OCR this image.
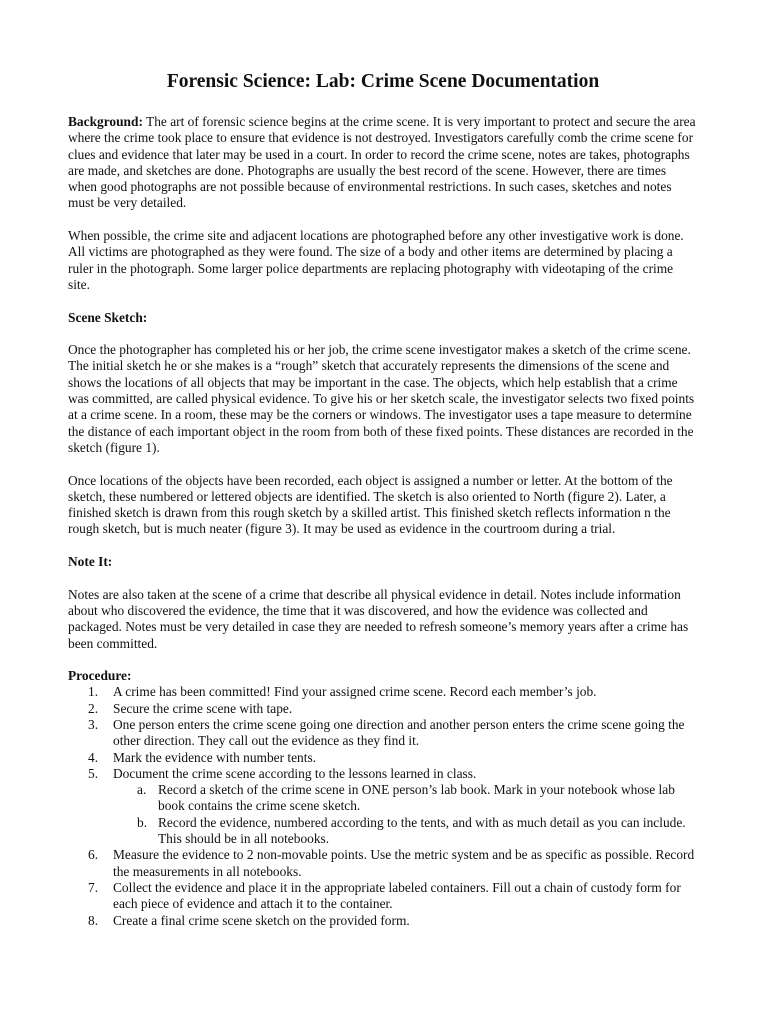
Forensic Science: Lab: Crime Scene Documentation

Background: The art of forensic science begins at the crime scene. It is very important to protect and secure the area where the crime took place to ensure that evidence is not destroyed. Investigators carefully comb the crime scene for clues and evidence that later may be used in a court. In order to record the crime scene, notes are takes, photographs are made, and sketches are done. Photographs are usually the best record of the scene. However, there are times when good photographs are not possible because of environmental restrictions. In such cases, sketches and notes must be very detailed.

When possible, the crime site and adjacent locations are photographed before any other investigative work is done. All victims are photographed as they were found. The size of a body and other items are determined by placing a ruler in the photograph. Some larger police departments are replacing photography with videotaping of the crime site.

Scene Sketch:

Once the photographer has completed his or her job, the crime scene investigator makes a sketch of the crime scene. The initial sketch he or she makes is a “rough” sketch that accurately represents the dimensions of the scene and shows the locations of all objects that may be important in the case. The objects, which help establish that a crime was committed, are called physical evidence. To give his or her sketch scale, the investigator selects two fixed points at a crime scene. In a room, these may be the corners or windows. The investigator uses a tape measure to determine the distance of each important object in the room from both of these fixed points. These distances are recorded in the sketch (figure 1).

Once locations of the objects have been recorded, each object is assigned a number or letter. At the bottom of the sketch, these numbered or lettered objects are identified. The sketch is also oriented to North (figure 2). Later, a finished sketch is drawn from this rough sketch by a skilled artist. This finished sketch reflects information n the rough sketch, but is much neater (figure 3). It may be used as evidence in the courtroom during a trial.

Note It:

Notes are also taken at the scene of a crime that describe all physical evidence in detail. Notes include information about who discovered the evidence, the time that it was discovered, and how the evidence was collected and packaged. Notes must be very detailed in case they are needed to refresh someone’s memory years after a crime has been committed.

Procedure:
1. A crime has been committed! Find your assigned crime scene. Record each member’s job.
2. Secure the crime scene with tape.
3. One person enters the crime scene going one direction and another person enters the crime scene going the other direction. They call out the evidence as they find it.
4. Mark the evidence with number tents.
5. Document the crime scene according to the lessons learned in class.
a. Record a sketch of the crime scene in ONE person’s lab book. Mark in your notebook whose lab book contains the crime scene sketch.
b. Record the evidence, numbered according to the tents, and with as much detail as you can include. This should be in all notebooks.
6. Measure the evidence to 2 non-movable points. Use the metric system and be as specific as possible. Record the measurements in all notebooks.
7. Collect the evidence and place it in the appropriate labeled containers. Fill out a chain of custody form for each piece of evidence and attach it to the container.
8. Create a final crime scene sketch on the provided form.
